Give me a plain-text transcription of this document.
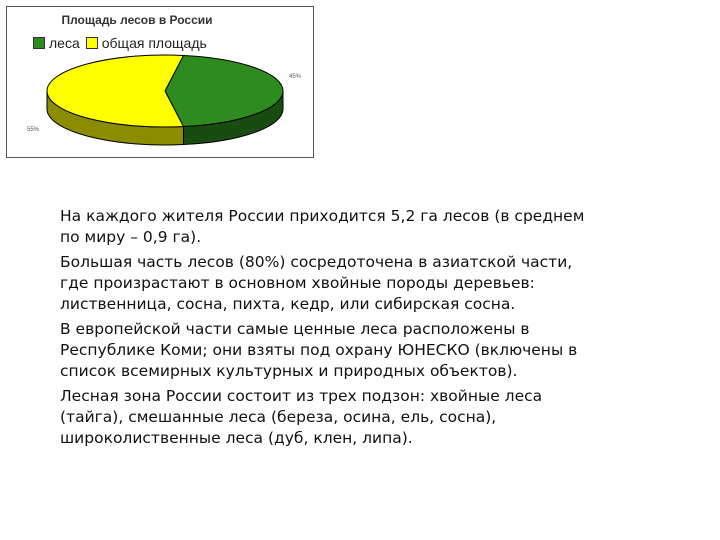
Площадь лесов в России
леса общая площадь
45%
55%

На каждого жителя России приходится 5,2 га лесов (в среднем
по миру – 0,9 га).

Большая часть лесов (80%) сосредоточена в азиатской части,
где произрастают в основном хвойные породы деревьев:
лиственница, сосна, пихта, кедр, или сибирская сосна.

В европейской части самые ценные леса расположены в
Республике Коми; они взяты под охрану ЮНЕСКО (включены в
список всемирных культурных и природных объектов).

Лесная зона России состоит из трех подзон: хвойные леса
(тайга), смешанные леса (береза, осина, ель, сосна),
широколиственные леса (дуб, клен, липа).
